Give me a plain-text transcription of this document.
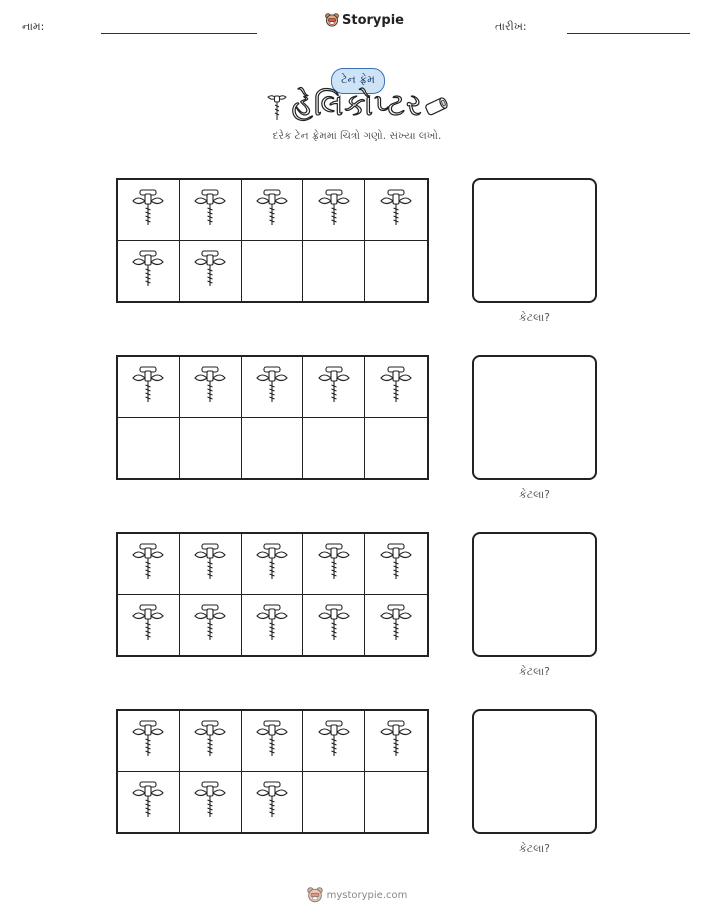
નામ:	Storypie	તારીખ:
ટેન ફ્રેમ
હેલિકોપ્ટર
દરેક ટેન ફ્રેમમાં ચિત્રો ગણો. સંખ્યા લખો.
કેટલા?
કેટલા?
કેટલા?
કેટલા?
mystorypie.com
